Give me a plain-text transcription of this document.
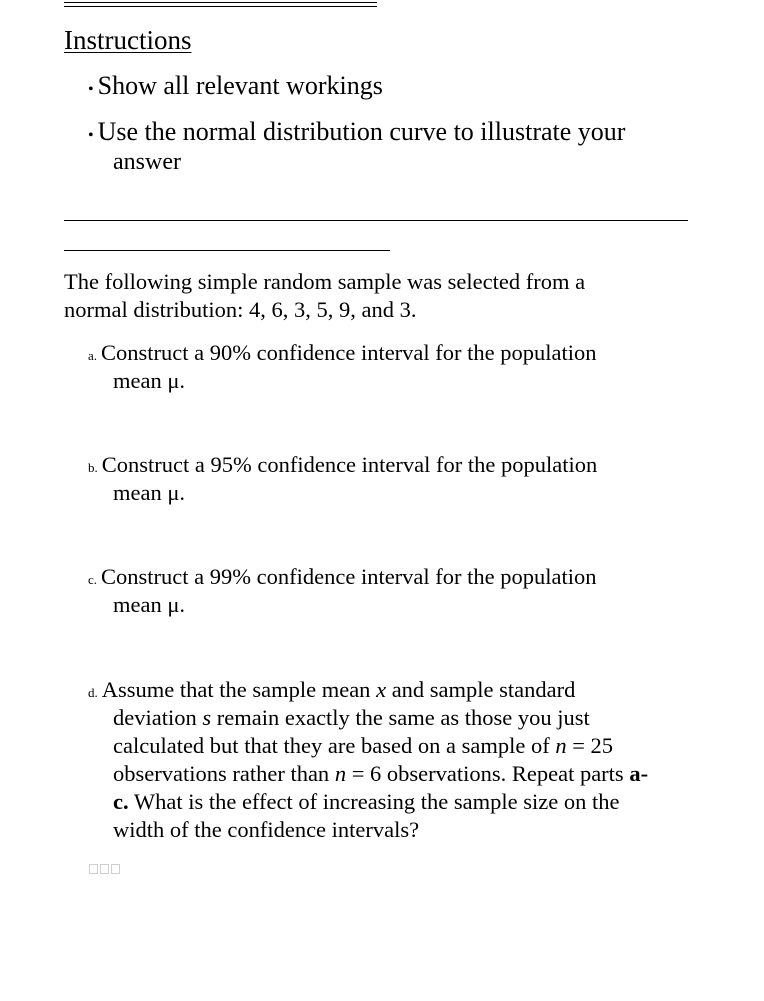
Instructions
• Show all relevant workings
• Use the normal distribution curve to illustrate your
answer
The following simple random sample was selected from a
normal distribution: 4, 6, 3, 5, 9, and 3.
a. Construct a 90% confidence interval for the population
mean μ.
b. Construct a 95% confidence interval for the population
mean μ.
c. Construct a 99% confidence interval for the population
mean μ.
d. Assume that the sample mean x and sample standard
deviation s remain exactly the same as those you just
calculated but that they are based on a sample of n = 25
observations rather than n = 6 observations. Repeat parts a-
c. What is the effect of increasing the sample size on the
width of the confidence intervals?
